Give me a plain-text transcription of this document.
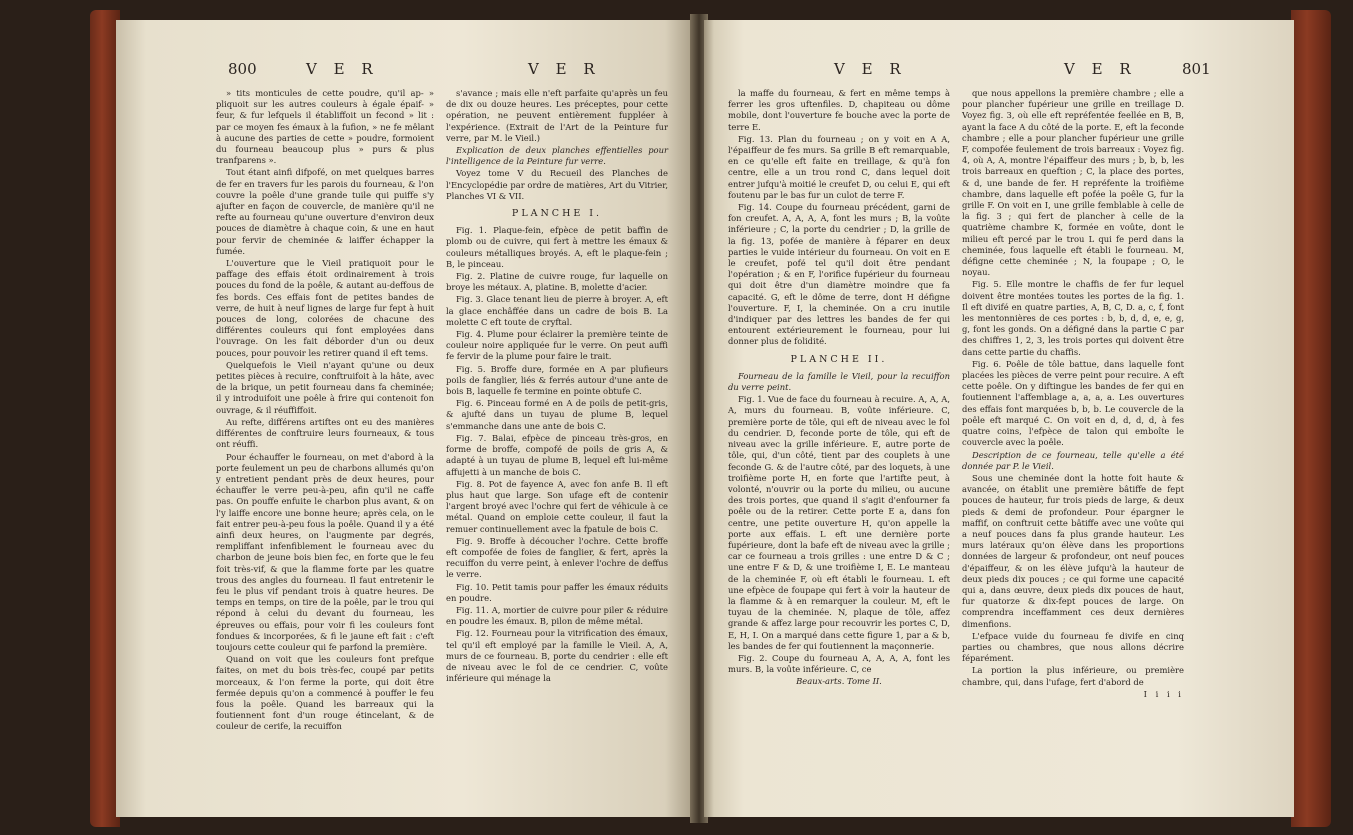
800	V E R	V E R

» tits monticules de cette poudre, qu'il ap- » pliquoit sur les autres couleurs à égale épaif- » feur, & fur lefquels il établiffoit un fecond » lit : par ce moyen fes émaux à la fufion, » ne fe mêlant à aucune des parties de cette » poudre, formoient du fourneau beaucoup plus » purs & plus tranfparens ».

Tout étant ainfi difpofé, on met quelques barres de fer en travers fur les parois du fourneau, & l'on couvre la poêle d'une grande tuile qui puiffe s'y ajufter en façon de couvercle, de manière qu'il ne refte au fourneau qu'une ouverture d'environ deux pouces de diamètre à chaque coin, & une en haut pour fervir de cheminée & laiffer échapper la fumée.

L'ouverture que le Vieil pratiquoit pour le paffage des effais étoit ordinairement à trois pouces du fond de la poêle, & autant au-deffous de fes bords. Ces effais font de petites bandes de verre, de huit à neuf lignes de large fur fept à huit pouces de long, colorées de chacune des différentes couleurs qui font employées dans l'ouvrage. On les fait déborder d'un ou deux pouces, pour pouvoir les retirer quand il eft tems.

Quelquefois le Vieil n'ayant qu'une ou deux petites pièces à recuire, conftruifoit à la hâte, avec de la brique, un petit fourneau dans fa cheminée; il y introduifoit une poêle à frire qui contenoit fon ouvrage, & il réuffiffoit.

Au refte, différens artiftes ont eu des manières différentes de conftruire leurs fourneaux, & tous ont réuffi.

Pour échauffer le fourneau, on met d'abord à la porte feulement un peu de charbons allumés qu'on y entretient pendant près de deux heures, pour échauffer le verre peu-à-peu, afin qu'il ne caffe pas. On pouffe enfuite le charbon plus avant, & on l'y laiffe encore une bonne heure; après cela, on le fait entrer peu-à-peu fous la poêle. Quand il y a été ainfi deux heures, on l'augmente par degrés, rempliffant infenfiblement le fourneau avec du charbon de jeune bois bien fec, en forte que le feu foit très-vif, & que la flamme forte par les quatre trous des angles du fourneau. Il faut entretenir le feu le plus vif pendant trois à quatre heures. De temps en temps, on tire de la poêle, par le trou qui répond à celui du devant du fourneau, les épreuves ou effais, pour voir fi les couleurs font fondues & incorporées, & fi le jaune eft fait : c'eft toujours cette couleur qui fe parfond la première.

Quand on voit que les couleurs font prefque faites, on met du bois très-fec, coupé par petits morceaux, & l'on ferme la porte, qui doit être fermée depuis qu'on a commencé à pouffer le feu fous la poêle. Quand les barreaux qui la foutiennent font d'un rouge étincelant, & de couleur de cerife, la recuiffon

s'avance ; mais elle n'eft parfaite qu'après un feu de dix ou douze heures. Les préceptes, pour cette opération, ne peuvent entièrement fuppléer à l'expérience. (Extrait de l'Art de la Peinture fur verre, par M. le Vieil.)

Explication de deux planches effentielles pour l'intelligence de la Peinture fur verre.

Voyez tome V du Recueil des Planches de l'Encyclopédie par ordre de matières, Art du Vitrier, Planches VI & VII.

PLANCHE I.

Fig. 1. Plaque-fein, efpèce de petit baffin de plomb ou de cuivre, qui fert à mettre les émaux & couleurs métalliques broyés. A, eft le plaque-fein ; B, le pinceau.

Fig. 2. Platine de cuivre rouge, fur laquelle on broye les métaux. A, platine. B, molette d'acier.

Fig. 3. Glace tenant lieu de pierre à broyer. A, eft la glace enchâffée dans un cadre de bois B. La molette C eft toute de cryftal.

Fig. 4. Plume pour éclairer la première teinte de couleur noire appliquée fur le verre. On peut auffi fe fervir de la plume pour faire le trait.

Fig. 5. Broffe dure, formée en A par plufieurs poils de fanglier, liés & ferrés autour d'une ante de bois B, laquelle fe termine en pointe obtufe C.

Fig. 6. Pinceau formé en A de poils de petit-gris, & ajufté dans un tuyau de plume B, lequel s'emmanche dans une ante de bois C.

Fig. 7. Balai, efpèce de pinceau très-gros, en forme de broffe, compofé de poils de gris A, & adapté à un tuyau de plume B, lequel eft lui-même affujetti à un manche de bois C.

Fig. 8. Pot de fayence A, avec fon anfe B. Il eft plus haut que large. Son ufage eft de contenir l'argent broyé avec l'ochre qui fert de véhicule à ce métal. Quand on emploie cette couleur, il faut la remuer continuellement avec la fpatule de bois C.

Fig. 9. Broffe à découcher l'ochre. Cette broffe eft compofée de foies de fanglier, & fert, après la recuiffon du verre peint, à enlever l'ochre de deffus le verre.

Fig. 10. Petit tamis pour paffer les émaux réduits en poudre.

Fig. 11. A, mortier de cuivre pour piler & réduire en poudre les émaux. B, pilon de même métal.

Fig. 12. Fourneau pour la vitrification des émaux, tel qu'il eft employé par la famille le Vieil. A, A, murs de ce fourneau. B, porte du cendrier : elle eft de niveau avec le fol de ce cendrier. C, voûte inférieure qui ménage la

V E R	V E R	801

la maffe du fourneau, & fert en même temps à ferrer les gros uftenfiles. D, chapiteau ou dôme mobile, dont l'ouverture fe bouche avec la porte de terre E.

Fig. 13. Plan du fourneau ; on y voit en A A, l'épaiffeur de fes murs. Sa grille B eft remarquable, en ce qu'elle eft faite en treillage, & qu'à fon centre, elle a un trou rond C, dans lequel doit entrer jufqu'à moitié le creufet D, ou celui E, qui eft foutenu par le bas fur un culot de terre F.

Fig. 14. Coupe du fourneau précédent, garni de fon creufet. A, A, A, A, font les murs ; B, la voûte inférieure ; C, la porte du cendrier ; D, la grille de la fig. 13, pofée de manière à féparer en deux parties le vuide intérieur du fourneau. On voit en E le creufet, pofé tel qu'il doit être pendant l'opération ; & en F, l'orifice fupérieur du fourneau qui doit être d'un diamètre moindre que fa capacité. G, eft le dôme de terre, dont H défigne l'ouverture. F, I, la cheminée. On a cru inutile d'indiquer par des lettres les bandes de fer qui entourent extérieurement le fourneau, pour lui donner plus de folidité.

PLANCHE II.

Fourneau de la famille le Vieil, pour la recuiffon du verre peint.

Fig. 1. Vue de face du fourneau à recuire. A, A, A, A, murs du fourneau. B, voûte inférieure. C, première porte de tôle, qui eft de niveau avec le fol du cendrier. D, feconde porte de tôle, qui eft de niveau avec la grille inférieure. E, autre porte de tôle, qui, d'un côté, tient par des couplets à une feconde G. & de l'autre côté, par des loquets, à une troifième porte H, en forte que l'artifte peut, à volonté, n'ouvrir ou la porte du milieu, ou aucune des trois portes, que quand il s'agit d'enfourner fa poêle ou de la retirer. Cette porte E a, dans fon centre, une petite ouverture H, qu'on appelle la porte aux effais. L eft une dernière porte fupérieure, dont la bafe eft de niveau avec la grille ; car ce fourneau a trois grilles : une entre D & C ; une entre F & D, & une troifième I, E. Le manteau de la cheminée F, où eft établi le fourneau. L eft une efpèce de foupape qui fert à voir la hauteur de la flamme & à en remarquer la couleur. M, eft le tuyau de la cheminée. N, plaque de tôle, affez grande & affez large pour recouvrir les portes C, D, E, H, I. On a marqué dans cette figure 1, par a & b, les bandes de fer qui foutiennent la maçonnerie.

Fig. 2. Coupe du fourneau A, A, A, A, font les murs. B, la voûte inférieure. C, ce

Beaux-arts. Tome II.

que nous appellons la première chambre ; elle a pour plancher fupérieur une grille en treillage D. Voyez fig. 3, où elle eft repréfentée feellée en B, B, ayant la face A du côté de la porte. E, eft la feconde chambre ; elle a pour plancher fupérieur une grille F, compofée feulement de trois barreaux : Voyez fig. 4, où A, A, montre l'épaiffeur des murs ; b, b, b, les trois barreaux en queftion ; C, la place des portes, & d, une bande de fer. H repréfente la troifième chambre, dans laquelle eft pofée la poêle G, fur la grille F. On voit en I, une grille femblable à celle de la fig. 3 ; qui fert de plancher à celle de la quatrième chambre K, formée en voûte, dont le milieu eft percé par le trou L qui fe perd dans la cheminée, fous laquelle eft établi le fourneau. M, défigne cette cheminée ; N, la foupape ; O, le noyau.

Fig. 5. Elle montre le chaffis de fer fur lequel doivent être montées toutes les portes de la fig. 1. Il eft divifé en quatre parties, A, B, C, D. a, c, f, font les mentonnières de ces portes : b, b, d, d, e, e, g, g, font les gonds. On a défigné dans la partie C par des chiffres 1, 2, 3, les trois portes qui doivent être dans cette partie du chaffis.

Fig. 6. Poêle de tôle battue, dans laquelle font placées les pièces de verre peint pour recuire. A eft cette poêle. On y diftingue les bandes de fer qui en foutiennent l'affemblage a, a, a, a. Les ouvertures des effais font marquées b, b, b. Le couvercle de la poêle eft marqué C. On voit en d, d, d, d, à fes quatre coins, l'efpèce de talon qui emboîte le couvercle avec la poêle.

Description de ce fourneau, telle qu'elle a été donnée par P. le Vieil.

Sous une cheminée dont la hotte foit haute & avancée, on établit une première bâtiffe de fept pouces de hauteur, fur trois pieds de large, & deux pieds & demi de profondeur. Pour épargner le maffif, on conftruit cette bâtiffe avec une voûte qui a neuf pouces dans fa plus grande hauteur. Les murs latéraux qu'on élève dans les proportions données de largeur & profondeur, ont neuf pouces d'épaiffeur, & on les élève jufqu'à la hauteur de deux pieds dix pouces ; ce qui forme une capacité qui a, dans œuvre, deux pieds dix pouces de haut, fur quatorze & dix-fept pouces de large. On comprendra inceffamment ces deux dernières dimenfions.

L'efpace vuide du fourneau fe divife en cinq parties ou chambres, que nous allons décrire féparément.

La portion la plus inférieure, ou première chambre, qui, dans l'ufage, fert d'abord de

I i i i
